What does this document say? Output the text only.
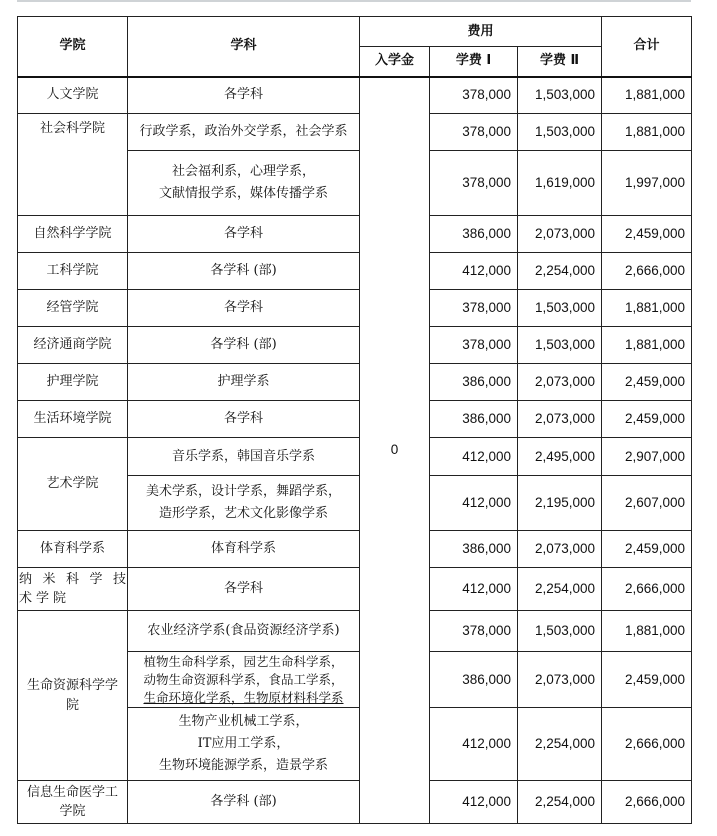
学院	学科	费用			合计
		入学金	学费 Ⅰ	学费 Ⅱ	
人文学院	各学科	0	378,000	1,503,000	1,881,000
社会科学院	行政学系，政治外交学系，社会学系		378,000	1,503,000	1,881,000

	社会福利系，心理学系，
文献情报学系，媒体传播学系		378,000	1,619,000	1,997,000
自然科学学院	各学科		386,000	2,073,000	2,459,000
工科学院	各学科 (部)		412,000	2,254,000	2,666,000
经管学院	各学科		378,000	1,503,000	1,881,000
经济通商学院	各学科 (部)		378,000	1,503,000	1,881,000
护理学院	护理学系		386,000	2,073,000	2,459,000
生活环境学院	各学科		386,000	2,073,000	2,459,000
艺术学院	音乐学系，韩国音乐学系		412,000	2,495,000	2,907,000

	美术学系，设计学系，舞蹈学系，
造形学系，艺术文化影像学系		412,000	2,195,000	2,607,000
体育科学系	体育科学系		386,000	2,073,000	2,459,000

纳米科学技
术学院	各学科		412,000	2,254,000	2,666,000

生命资源科学学
院	农业经济学系(食品资源经济学系)		378,000	1,503,000	1,881,000

	植物生命科学系，园艺生命科学系，
动物生命资源科学系，食品工学系，
生命环境化学系，生物原材料科学系		386,000	2,073,000	2,459,000

	生物产业机械工学系，
IT应用工学系，
生物环境能源学系，造景学系		412,000	2,254,000	2,666,000

信息生命医学工
学院	各学科 (部)		412,000	2,254,000	2,666,000
